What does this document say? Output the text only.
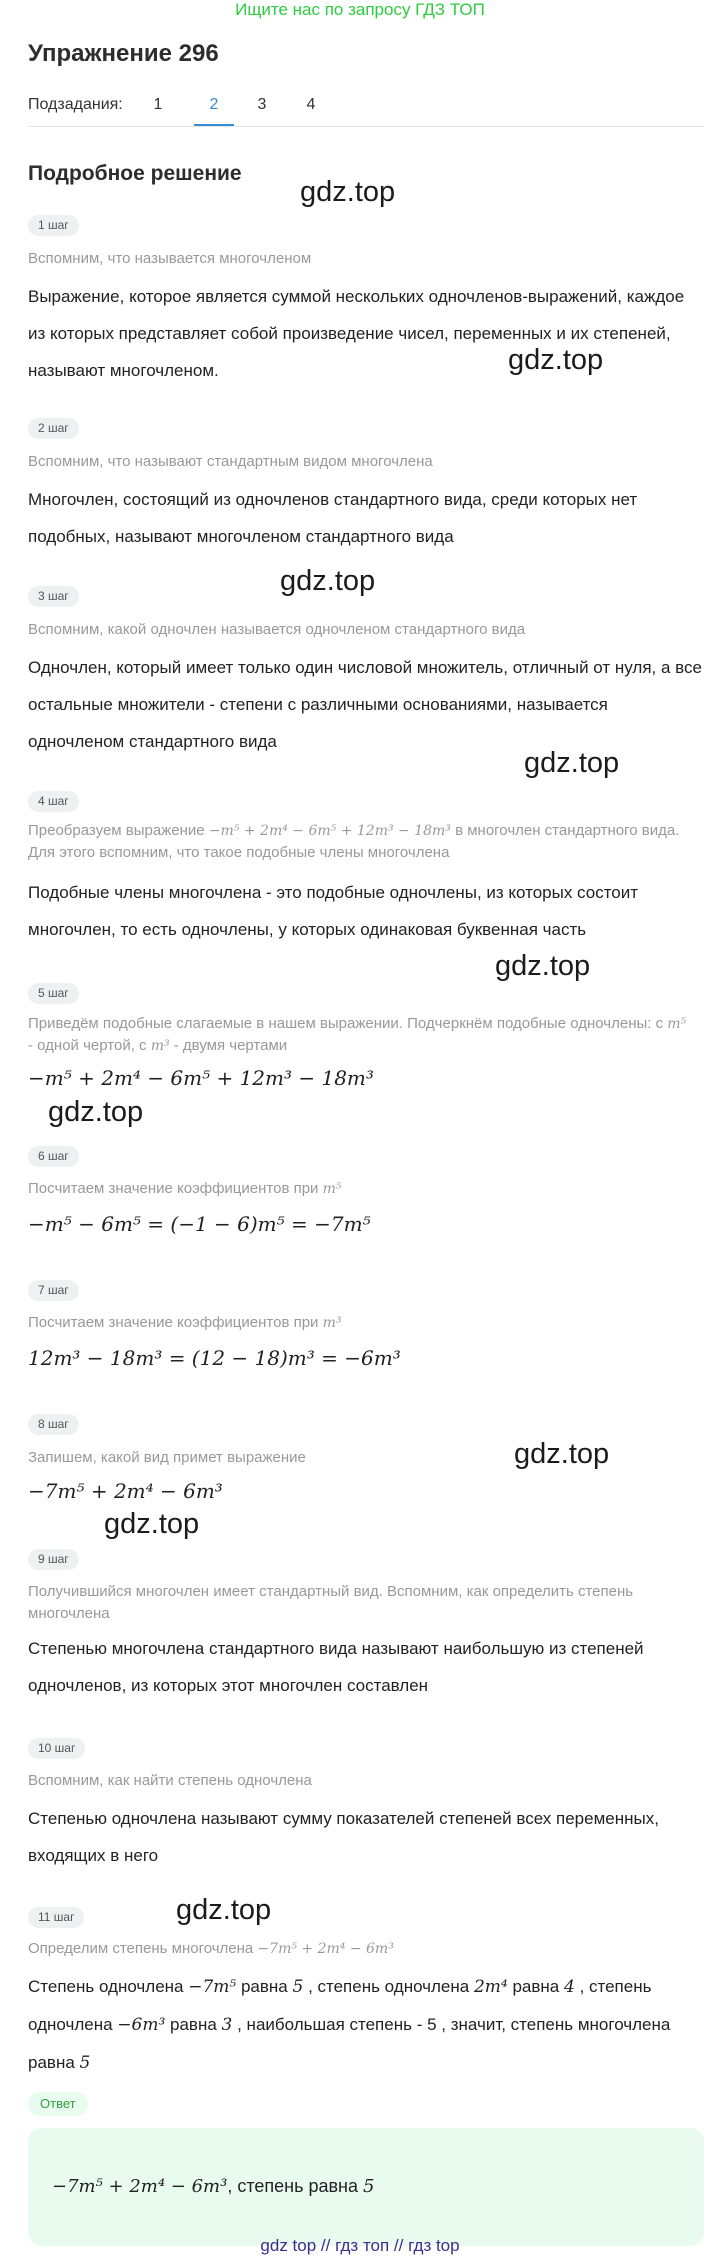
Ищите нас по запросу ГДЗ ТОП
Упражнение 296
Подзадания:	1	2	3	4
Подробное решение
gdz.top
gdz.top
gdz.top
gdz.top
gdz.top
gdz.top
gdz.top
gdz.top
gdz.top
1 шаг
Вспомним, что называется многочленом
Выражение, которое является суммой нескольких одночленов-выражений, каждое из которых представляет собой произведение чисел, переменных и их степеней, называют многочленом.
2 шаг
Вспомним, что называют стандартным видом многочлена
Многочлен, состоящий из одночленов стандартного вида, среди которых нет подобных, называют многочленом стандартного вида
3 шаг
Вспомним, какой одночлен называется одночленом стандартного вида
Одночлен, который имеет только один числовой множитель, отличный от нуля, а все остальные множители - степени с различными основаниями, называется одночленом стандартного вида
4 шаг
Преобразуем выражение −m⁵ + 2m⁴ − 6m⁵ + 12m³ − 18m³ в многочлен стандартного вида. Для этого вспомним, что такое подобные члены многочлена
Подобные члены многочлена - это подобные одночлены, из которых состоит многочлен, то есть одночлены, у которых одинаковая буквенная часть
5 шаг
Приведём подобные слагаемые в нашем выражении. Подчеркнём подобные одночлены: с m⁵ - одной чертой, с m³ - двумя чертами
−m⁵ + 2m⁴ − 6m⁵ + 12m³ − 18m³
6 шаг
Посчитаем значение коэффициентов при m⁵
−m⁵ − 6m⁵ = (−1 − 6)m⁵ = −7m⁵
7 шаг
Посчитаем значение коэффициентов при m³
12m³ − 18m³ = (12 − 18)m³ = −6m³
8 шаг
Запишем, какой вид примет выражение
−7m⁵ + 2m⁴ − 6m³
9 шаг
Получившийся многочлен имеет стандартный вид. Вспомним, как определить степень многочлена
Степенью многочлена стандартного вида называют наибольшую из степеней одночленов, из которых этот многочлен составлен
10 шаг
Вспомним, как найти степень одночлена
Степенью одночлена называют сумму показателей степеней всех переменных, входящих в него
11 шаг
Определим степень многочлена −7m⁵ + 2m⁴ − 6m³
Степень одночлена −7m⁵ равна 5 , степень одночлена 2m⁴ равна 4 , степень одночлена −6m³ равна 3 , наибольшая степень - 5 , значит, степень многочлена равна 5
Ответ
−7m⁵ + 2m⁴ − 6m³, степень равна 5
gdz top // гдз топ // гдз top
